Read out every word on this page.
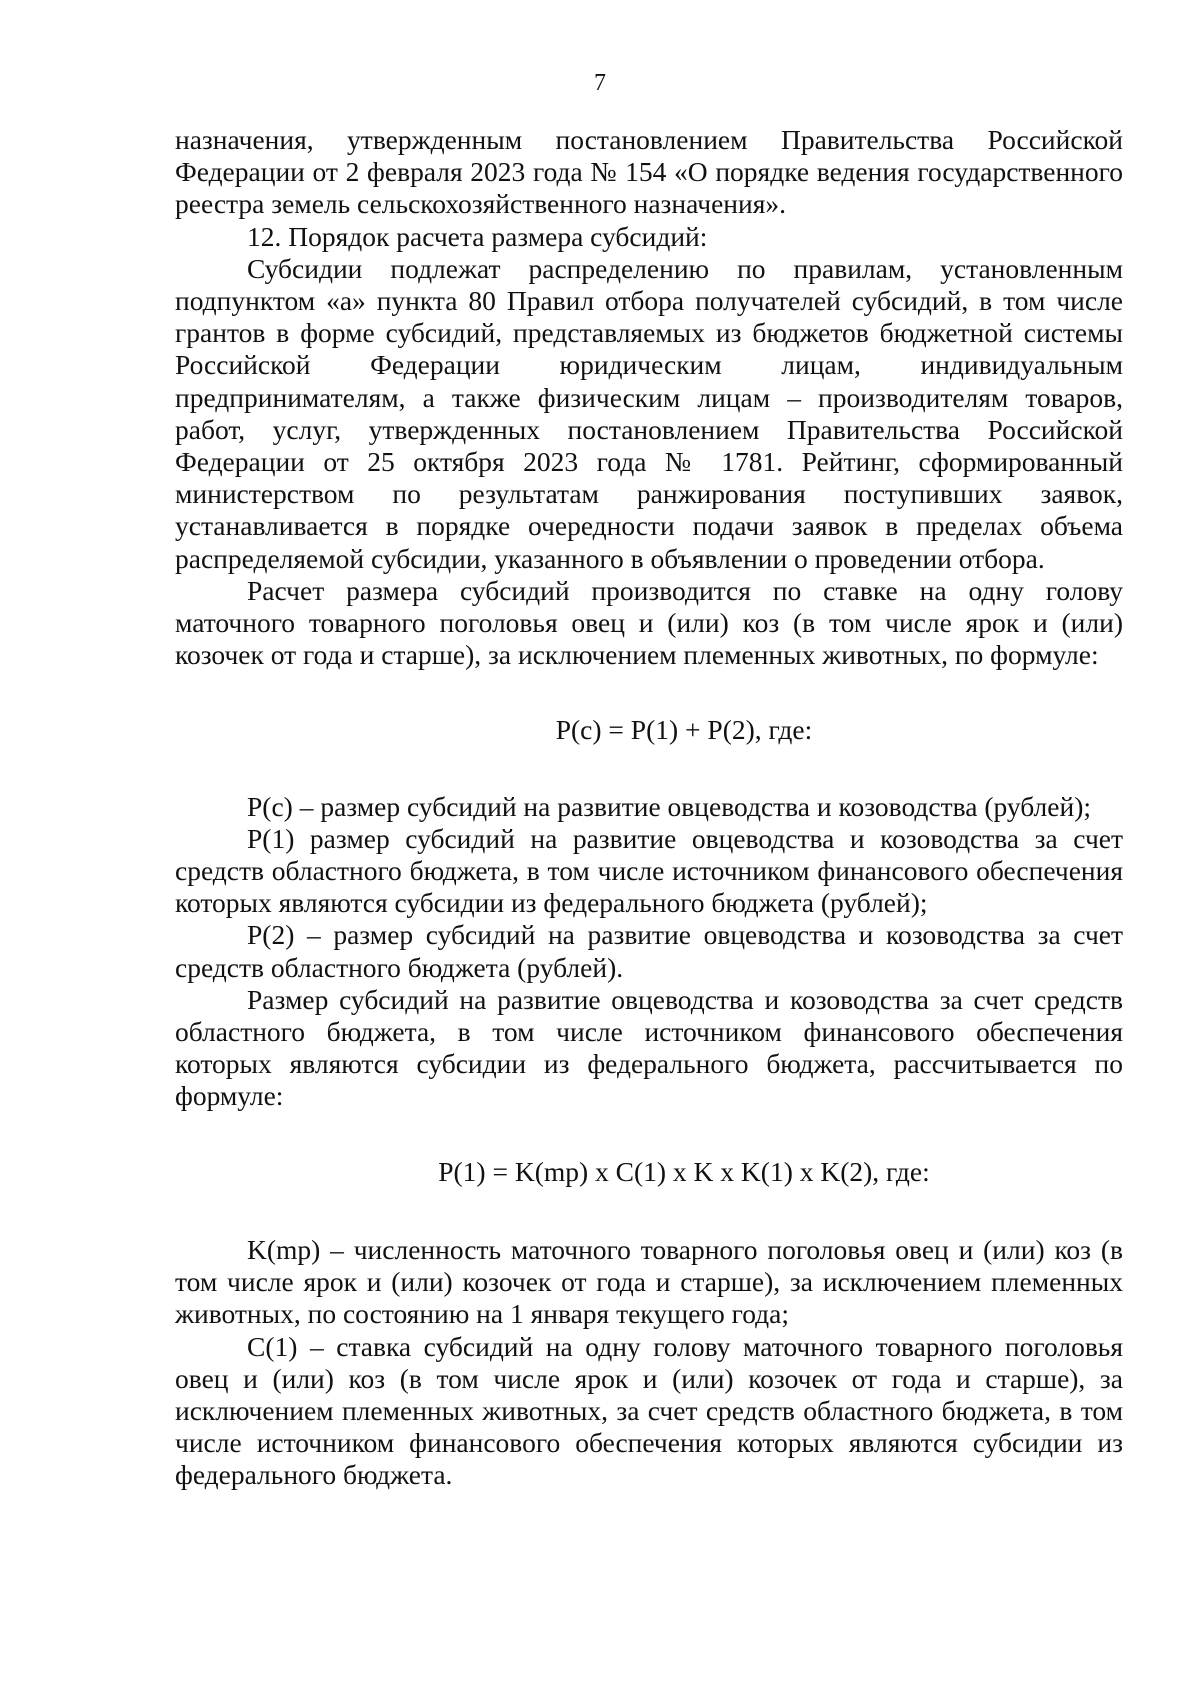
7

назначения, утвержденным постановлением Правительства Российской Федерации от 2 февраля 2023 года № 154 «О порядке ведения государственного реестра земель сельскохозяйственного назначения».

12. Порядок расчета размера субсидий:

Субсидии подлежат распределению по правилам, установленным подпунктом «а» пункта 80 Правил отбора получателей субсидий, в том числе грантов в форме субсидий, представляемых из бюджетов бюджетной системы Российской Федерации юридическим лицам, индивидуальным предпринимателям, а также физическим лицам – производителям товаров, работ, услуг, утвержденных постановлением Правительства Российской Федерации от 25 октября 2023 года № 1781. Рейтинг, сформированный министерством по результатам ранжирования поступивших заявок, устанавливается в порядке очередности подачи заявок в пределах объема распределяемой субсидии, указанного в объявлении о проведении отбора.

Расчет размера субсидий производится по ставке на одну голову маточного товарного поголовья овец и (или) коз (в том числе ярок и (или) козочек от года и старше), за исключением племенных животных, по формуле:

P(c) = P(1) + P(2), где:

P(c) – размер субсидий на развитие овцеводства и козоводства (рублей);

P(1) размер субсидий на развитие овцеводства и козоводства за счет средств областного бюджета, в том числе источником финансового обеспечения которых являются субсидии из федерального бюджета (рублей);

P(2) – размер субсидий на развитие овцеводства и козоводства за счет средств областного бюджета (рублей).

Размер субсидий на развитие овцеводства и козоводства за счет средств областного бюджета, в том числе источником финансового обеспечения которых являются субсидии из федерального бюджета, рассчитывается по формуле:

P(1) = K(mp) x C(1) x K x K(1) x K(2), где:

K(mp) – численность маточного товарного поголовья овец и (или) коз (в том числе ярок и (или) козочек от года и старше), за исключением племенных животных, по состоянию на 1 января текущего года;

C(1) – ставка субсидий на одну голову маточного товарного поголовья овец и (или) коз (в том числе ярок и (или) козочек от года и старше), за исключением племенных животных, за счет средств областного бюджета, в том числе источником финансового обеспечения которых являются субсидии из федерального бюджета.
